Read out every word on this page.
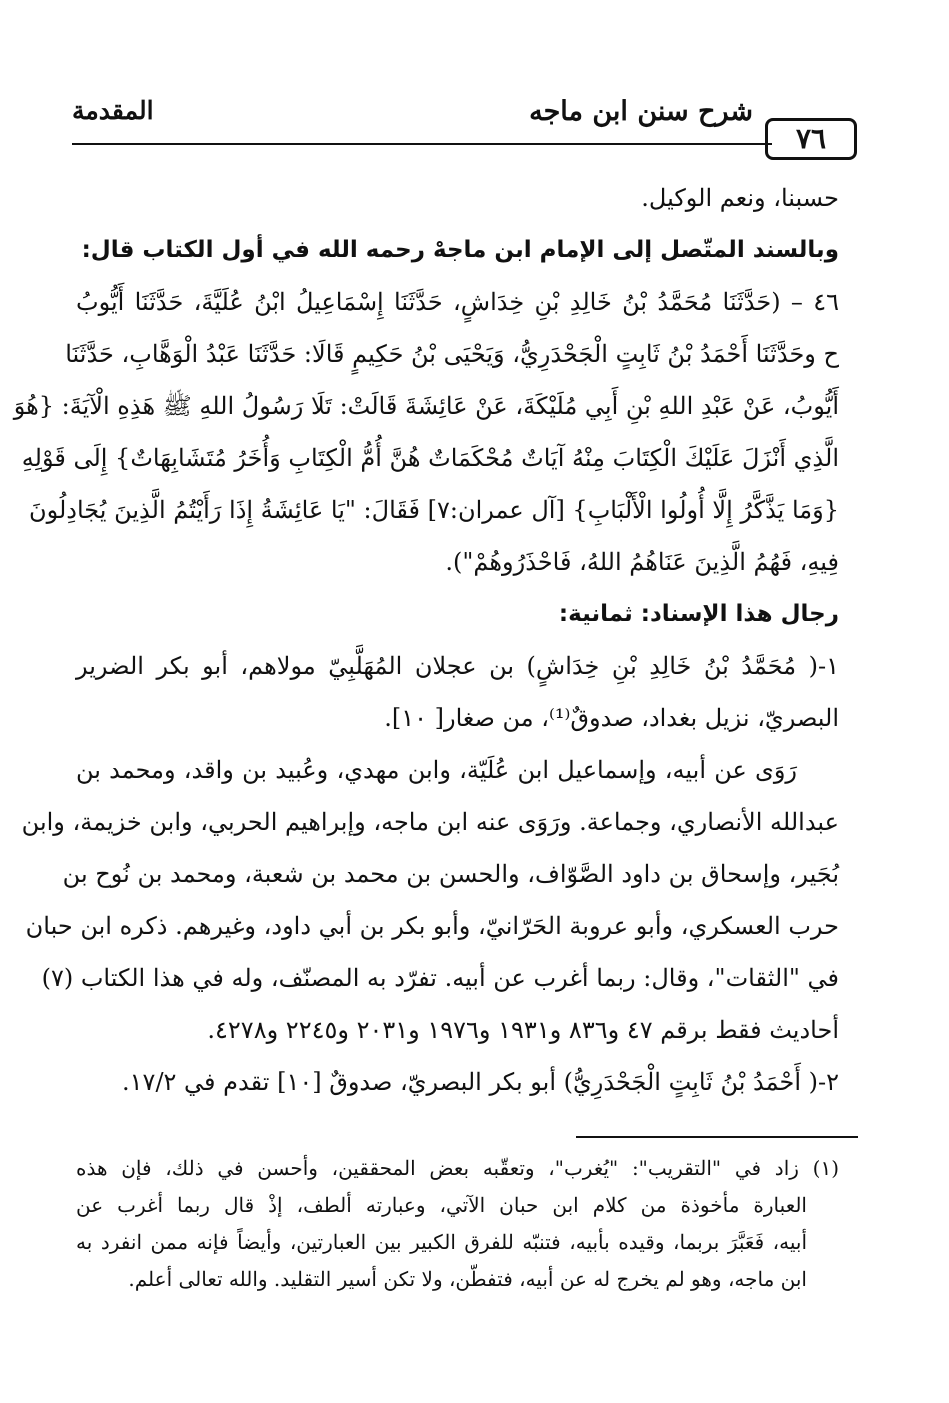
٧٦
شرح سنن ابن ماجه
المقدمة
حسبنا، ونعم الوكيل.
وبالسند المتّصل إلى الإمام ابن ماجهْ رحمه الله في أول الكتاب قال:
٤٦ – (حَدَّثَنَا مُحَمَّدُ بْنُ خَالِدِ بْنِ خِدَاشٍ، حَدَّثَنَا إِسْمَاعِيلُ ابْنُ عُلَيَّةَ، حَدَّثَنَا أَيُّوبُ
ح وحَدَّثَنَا أَحْمَدُ بْنُ ثَابِتٍ الْجَحْدَرِيُّ، وَيَحْيَى بْنُ حَكِيمٍ قَالَا: حَدَّثَنَا عَبْدُ الْوَهَّابِ، حَدَّثَنَا
أَيُّوبُ، عَنْ عَبْدِ اللهِ بْنِ أَبِي مُلَيْكَةَ، عَنْ عَائِشَةَ قَالَتْ: تَلَا رَسُولُ اللهِ ﷺ هَذِهِ الْآيَةَ: {هُوَ
الَّذِي أَنْزَلَ عَلَيْكَ الْكِتَابَ مِنْهُ آيَاتٌ مُحْكَمَاتٌ هُنَّ أُمُّ الْكِتَابِ وَأُخَرُ مُتَشَابِهَاتٌ} إِلَى قَوْلِهِ
{وَمَا يَذَّكَّرُ إِلَّا أُولُوا الْأَلْبَابِ} [آل عمران:٧] فَقَالَ: "يَا عَائِشَةُ إِذَا رَأَيْتُمُ الَّذِينَ يُجَادِلُونَ
فِيهِ، فَهُمُ الَّذِينَ عَنَاهُمُ اللهُ، فَاحْذَرُوهُمْ").
رجال هذا الإسناد: ثمانية:
١-( مُحَمَّدُ بْنُ خَالِدِ بْنِ خِدَاشٍ) بن عجلان المُهَلَّبِيّ مولاهم، أبو بكر الضرير
البصريّ، نزيل بغداد، صدوقٌ⁽¹⁾، من صغار[ ١٠].
رَوَى عن أبيه، وإسماعيل ابن عُلَيّة، وابن مهدي، وعُبيد بن واقد، ومحمد بن
عبدالله الأنصاري، وجماعة. ورَوَى عنه ابن ماجه، وإبراهيم الحربي، وابن خزيمة، وابن
بُجَير، وإسحاق بن داود الصَّوّاف، والحسن بن محمد بن شعبة، ومحمد بن نُوح بن
حرب العسكري، وأبو عروبة الحَرّانيّ، وأبو بكر بن أبي داود، وغيرهم. ذكره ابن حبان
في "الثقات"، وقال: ربما أغرب عن أبيه. تفرّد به المصنّف، وله في هذا الكتاب (٧)
أحاديث فقط برقم ٤٧ و٨٣٦ و١٩٣١ و١٩٧٦ و٢٠٣١ و٢٢٤٥ و٤٢٧٨.
٢-( أَحْمَدُ بْنُ ثَابِتٍ الْجَحْدَرِيُّ) أبو بكر البصريّ، صدوقٌ [١٠] تقدم في ١٧/٢.
(١) زاد في "التقريب": "يُغرب"، وتعقّبه بعض المحققين، وأحسن في ذلك، فإن هذه
العبارة مأخوذة من كلام ابن حبان الآتي، وعبارته ألطف، إذْ قال ربما أغرب عن
أبيه، فَعَبَّرَ بربما، وقيده بأبيه، فتنبّه للفرق الكبير بين العبارتين، وأيضاً فإنه ممن انفرد به
ابن ماجه، وهو لم يخرج له عن أبيه، فتفطّن، ولا تكن أسير التقليد. والله تعالى أعلم.
